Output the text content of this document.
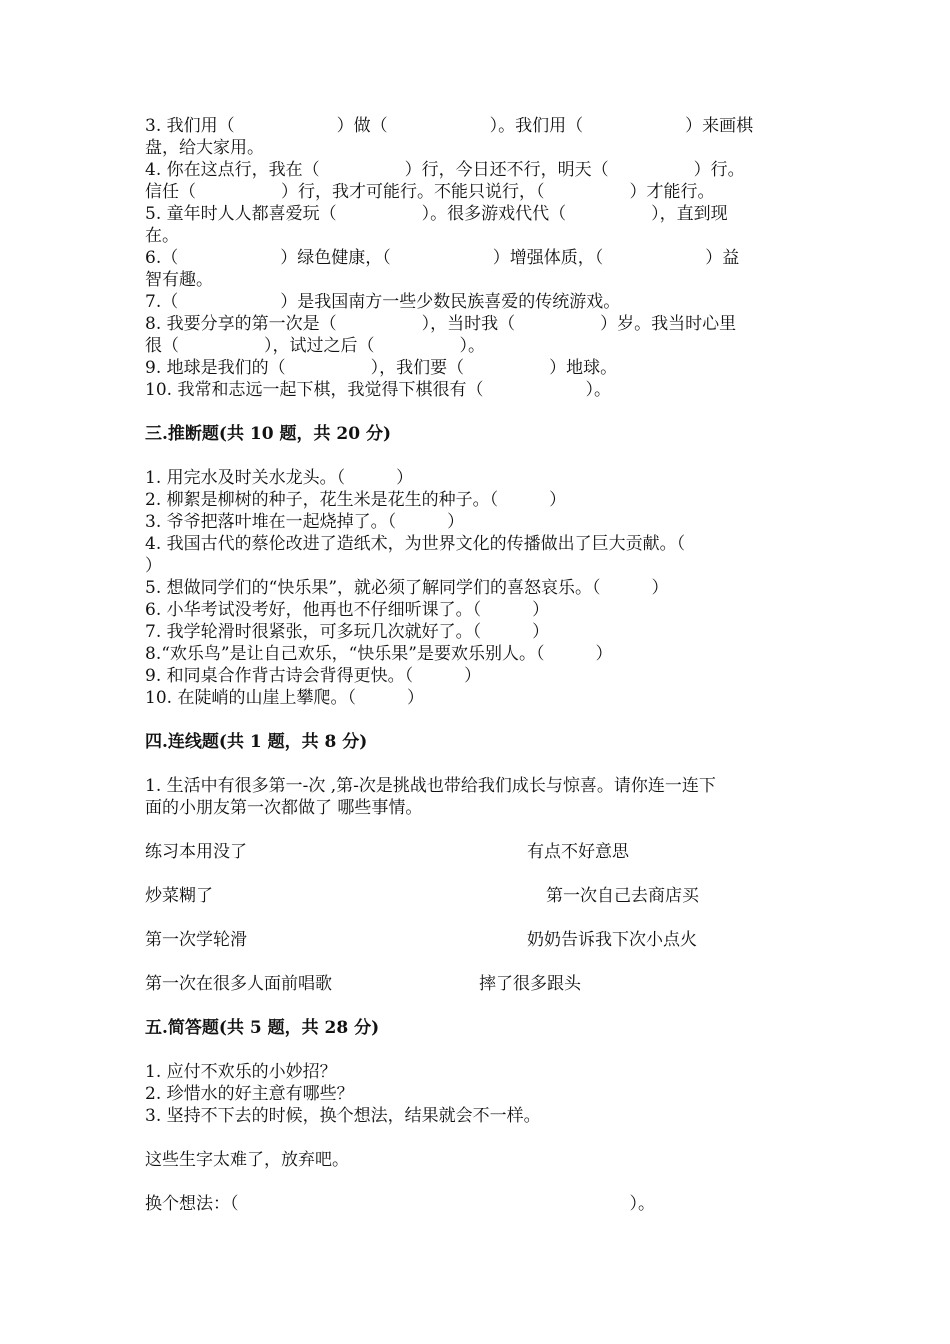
3. 我们用（　　　　　　）做（　　　　　　）。我们用（　　　　　　）来画棋

盘，给大家用。

4. 你在这点行，我在（　　　　　）行，今日还不行，明天（　　　　　）行。

信任（　　　　　）行，我才可能行。不能只说行，（　　　　　）才能行。

5. 童年时人人都喜爱玩（　　　　　）。很多游戏代代（　　　　　），直到现

在。

6.（　　　　　　）绿色健康，（　　　　　　）增强体质，（　　　　　　）益

智有趣。

7.（　　　　　　）是我国南方一些少数民族喜爱的传统游戏。

8. 我要分享的第一次是（　　　　　），当时我（　　　　　）岁。我当时心里

很（　　　　　），试过之后（　　　　　）。

9. 地球是我们的（　　　　　），我们要（　　　　　）地球。

10. 我常和志远一起下棋，我觉得下棋很有（　　　　　　）。

三.推断题(共 10 题，共 20 分)

1. 用完水及时关水龙头。（　　　）

2. 柳絮是柳树的种子，花生米是花生的种子。（　　　）

3. 爷爷把落叶堆在一起烧掉了。（　　　）

4. 我国古代的蔡伦改进了造纸术，为世界文化的传播做出了巨大贡献。（

）

5. 想做同学们的“快乐果”，就必须了解同学们的喜怒哀乐。（　　　）

6. 小华考试没考好，他再也不仔细听课了。（　　　）

7. 我学轮滑时很紧张，可多玩几次就好了。（　　　）

8.“欢乐鸟”是让自己欢乐，“快乐果”是要欢乐别人。（　　　）

9. 和同桌合作背古诗会背得更快。（　　　）

10. 在陡峭的山崖上攀爬。（　　　）

四.连线题(共 1 题，共 8 分)

1. 生活中有很多第一-次 ,第-次是挑战也带给我们成长与惊喜。请你连一连下

面的小朋友第一次都做了 哪些事情。

练习本用没了	有点不好意思
炒菜糊了	第一次自己去商店买
第一次学轮滑	奶奶告诉我下次小点火
第一次在很多人面前唱歌	摔了很多跟头

五.简答题(共 5 题，共 28 分)

1. 应付不欢乐的小妙招？

2. 珍惜水的好主意有哪些？

3. 坚持不下去的时候，换个想法，结果就会不一样。

这些生字太难了，放弃吧。

换个想法：（　　　　　　　　　　　　　　　　　　　　　　　）。
